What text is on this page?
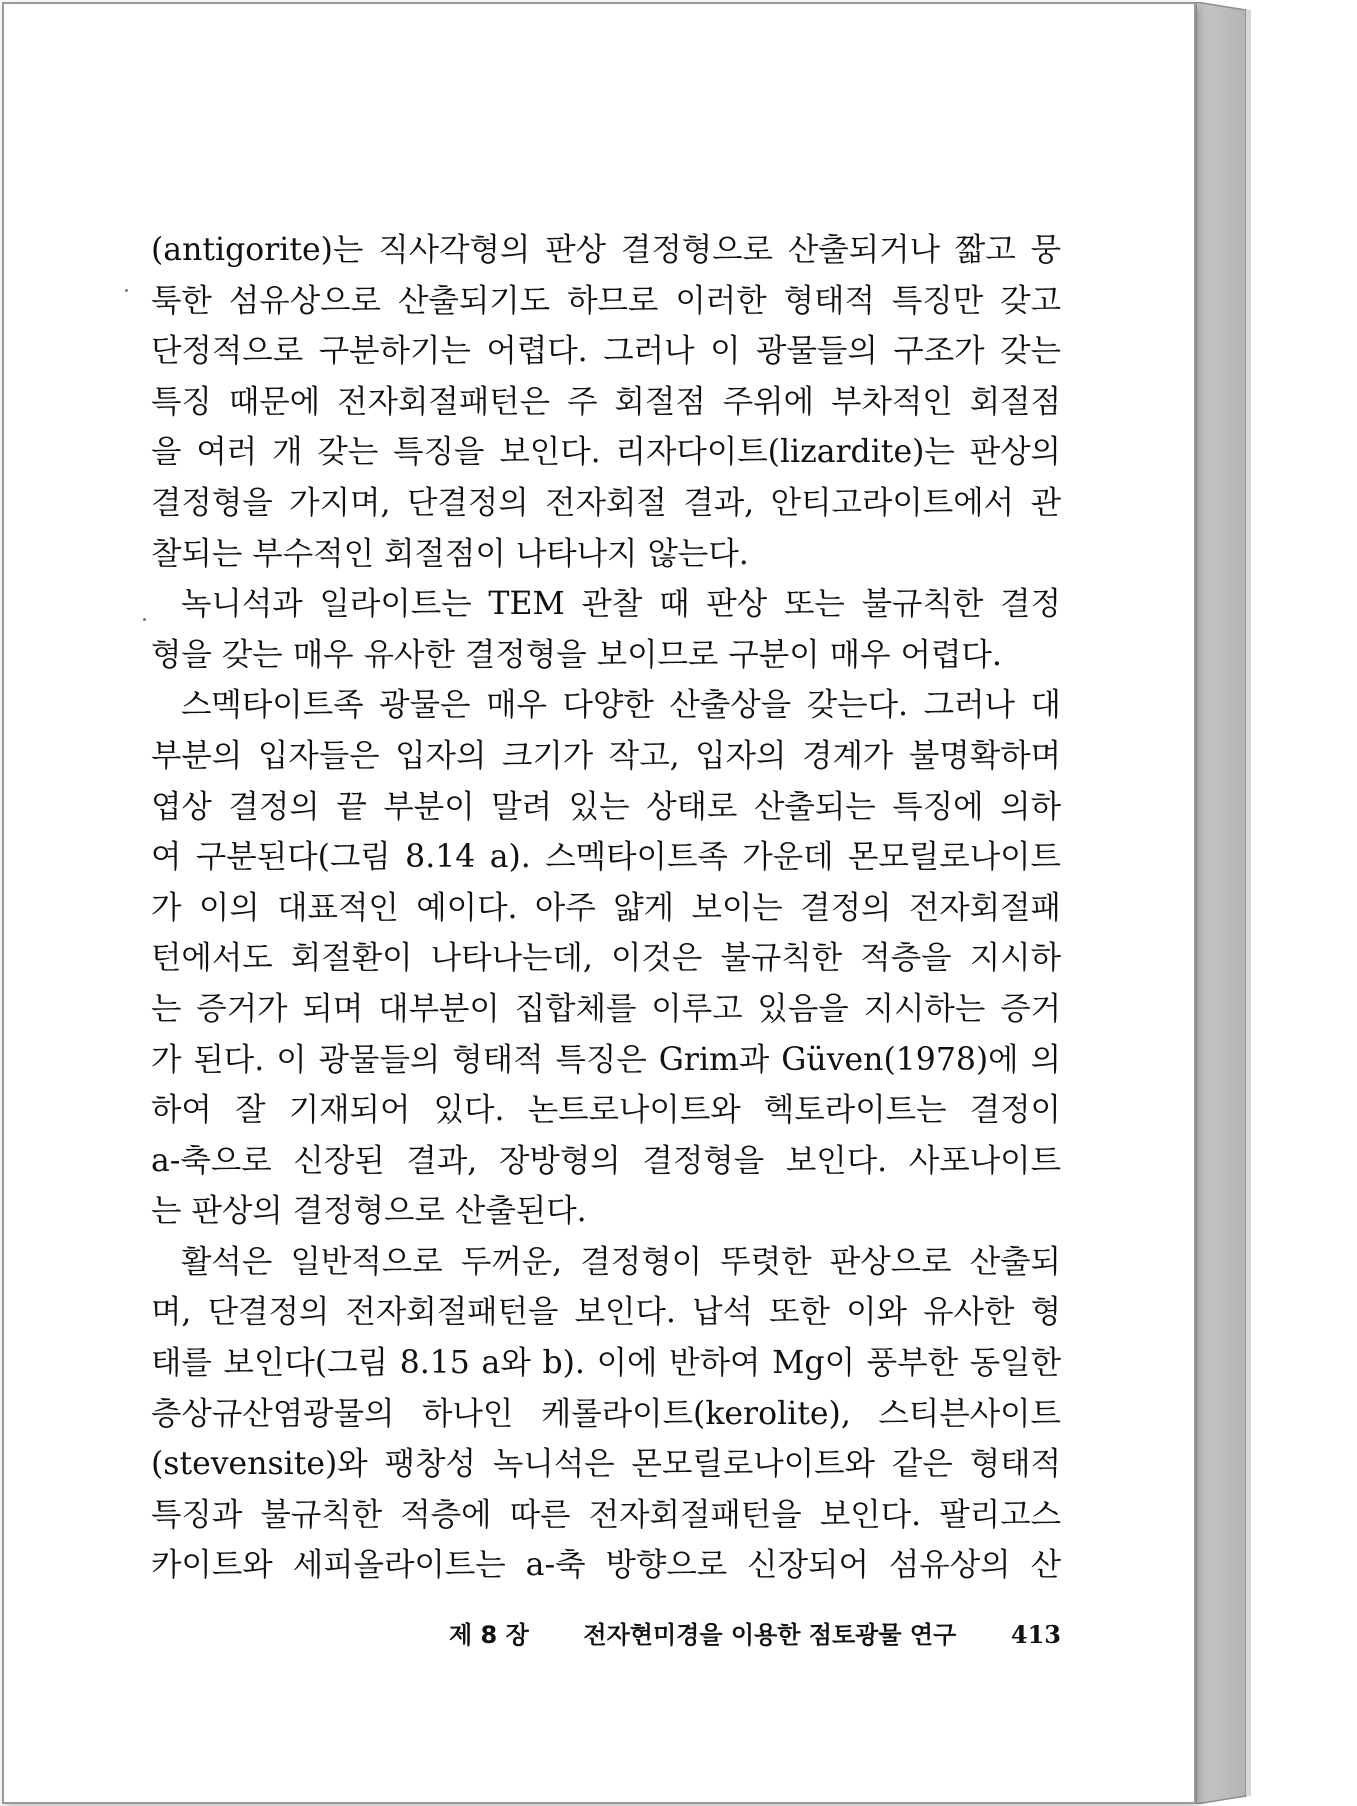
(antigorite)는 직사각형의 판상 결정형으로 산출되거나 짧고 뭉
툭한 섬유상으로 산출되기도 하므로 이러한 형태적 특징만 갖고
단정적으로 구분하기는 어렵다. 그러나 이 광물들의 구조가 갖는
특징 때문에 전자회절패턴은 주 회절점 주위에 부차적인 회절점
을 여러 개 갖는 특징을 보인다. 리자다이트(lizardite)는 판상의
결정형을 가지며, 단결정의 전자회절 결과, 안티고라이트에서 관
찰되는 부수적인 회절점이 나타나지 않는다.
녹니석과 일라이트는 TEM 관찰 때 판상 또는 불규칙한 결정
형을 갖는 매우 유사한 결정형을 보이므로 구분이 매우 어렵다.
스멕타이트족 광물은 매우 다양한 산출상을 갖는다. 그러나 대
부분의 입자들은 입자의 크기가 작고, 입자의 경계가 불명확하며
엽상 결정의 끝 부분이 말려 있는 상태로 산출되는 특징에 의하
여 구분된다(그림 8.14 a). 스멕타이트족 가운데 몬모릴로나이트
가 이의 대표적인 예이다. 아주 얇게 보이는 결정의 전자회절패
턴에서도 회절환이 나타나는데, 이것은 불규칙한 적층을 지시하
는 증거가 되며 대부분이 집합체를 이루고 있음을 지시하는 증거
가 된다. 이 광물들의 형태적 특징은 Grim과 Güven(1978)에 의
하여 잘 기재되어 있다. 논트로나이트와 헥토라이트는 결정이
a-축으로 신장된 결과, 장방형의 결정형을 보인다. 사포나이트
는 판상의 결정형으로 산출된다.
활석은 일반적으로 두꺼운, 결정형이 뚜렷한 판상으로 산출되
며, 단결정의 전자회절패턴을 보인다. 납석 또한 이와 유사한 형
태를 보인다(그림 8.15 a와 b). 이에 반하여 Mg이 풍부한 동일한
층상규산염광물의 하나인 케롤라이트(kerolite), 스티븐사이트
(stevensite)와 팽창성 녹니석은 몬모릴로나이트와 같은 형태적
특징과 불규칙한 적층에 따른 전자회절패턴을 보인다. 팔리고스
카이트와 세피올라이트는 a-축 방향으로 신장되어 섬유상의 산
제 8 장 전자현미경을 이용한 점토광물 연구 413
